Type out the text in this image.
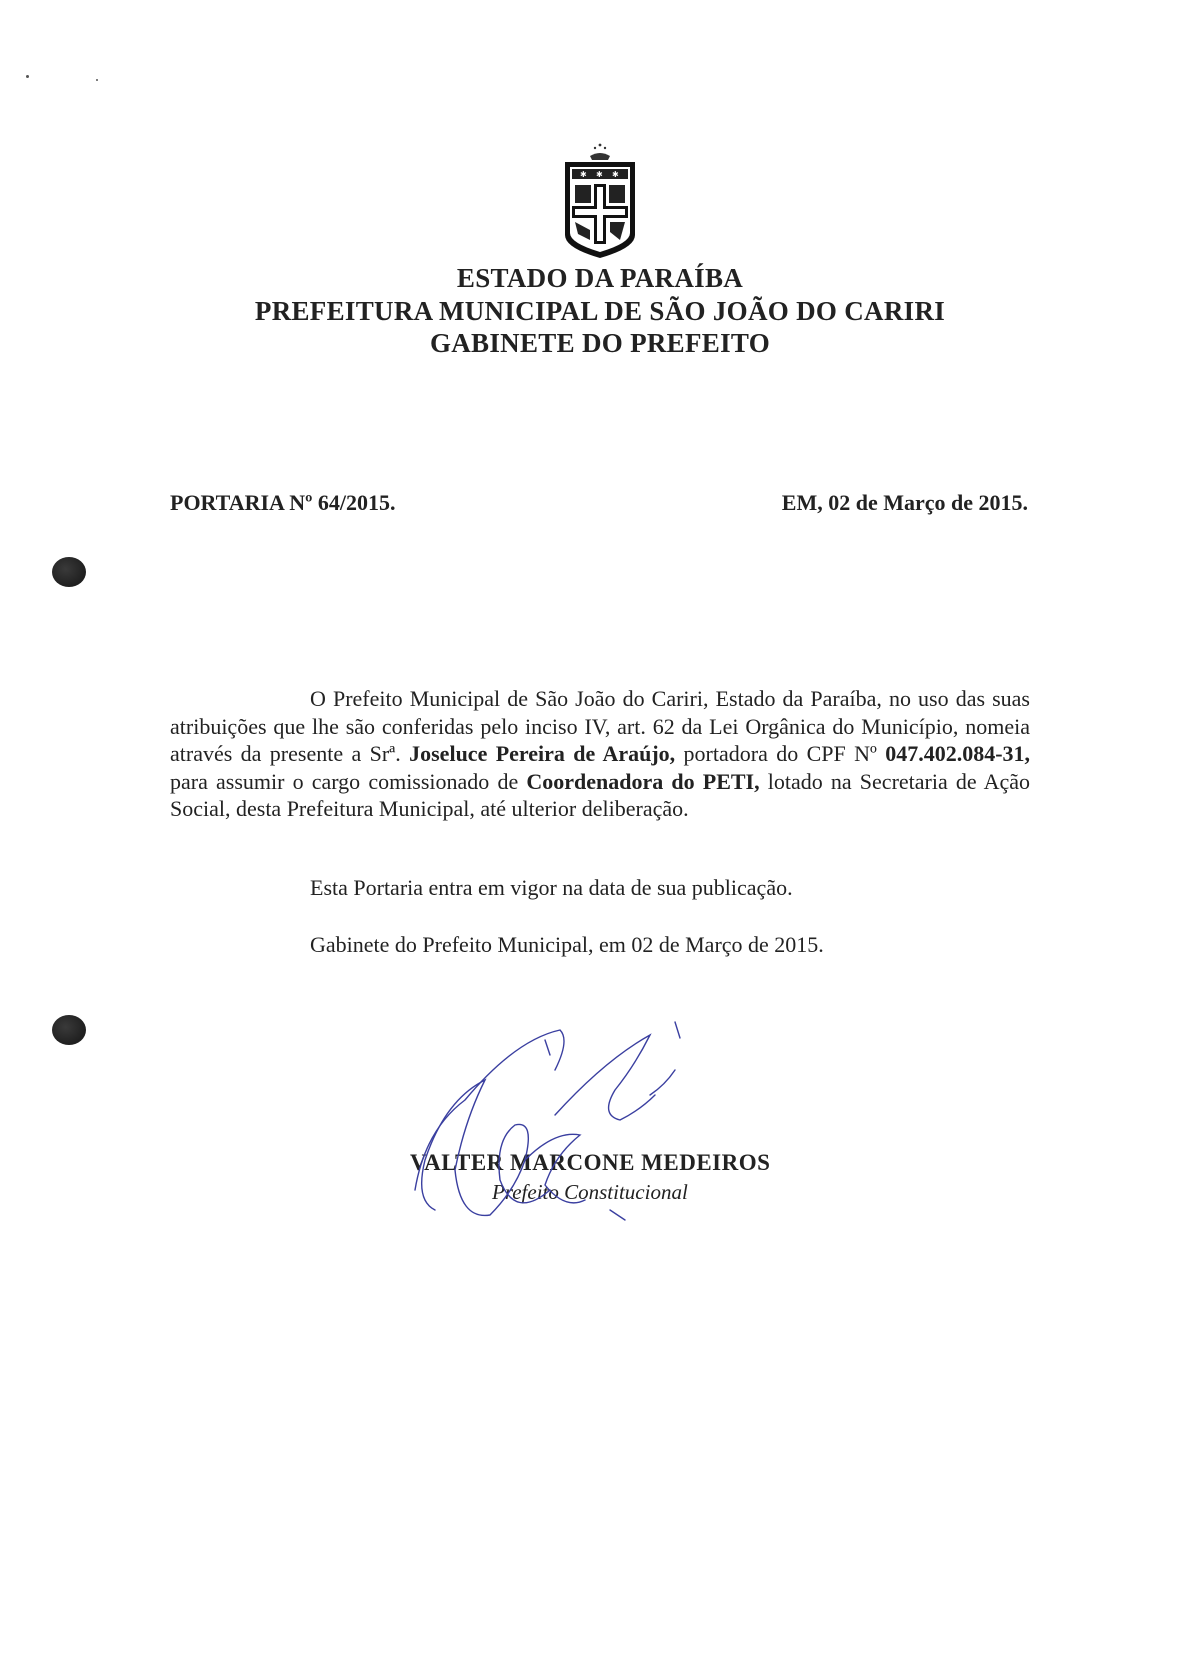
✱ ✱ ✱
ESTADO DA PARAÍBA
PREFEITURA MUNICIPAL DE SÃO JOÃO DO CARIRI
GABINETE DO PREFEITO
PORTARIA Nº 64/2015.	EM, 02 de Março de 2015.
O Prefeito Municipal de São João do Cariri, Estado da Paraíba, no uso das suas atribuições que lhe são conferidas pelo inciso IV, art. 62 da Lei Orgânica do Município, nomeia através da presente a Srª. Joseluce Pereira de Araújo, portadora do CPF Nº 047.402.084-31, para assumir o cargo comissionado de Coordenadora do PETI, lotado na Secretaria de Ação Social, desta Prefeitura Municipal, até ulterior deliberação.
Esta Portaria entra em vigor na data de sua publicação.
Gabinete do Prefeito Municipal, em 02 de Março de 2015.
VALTER MARCONE MEDEIROS
Prefeito Constitucional
